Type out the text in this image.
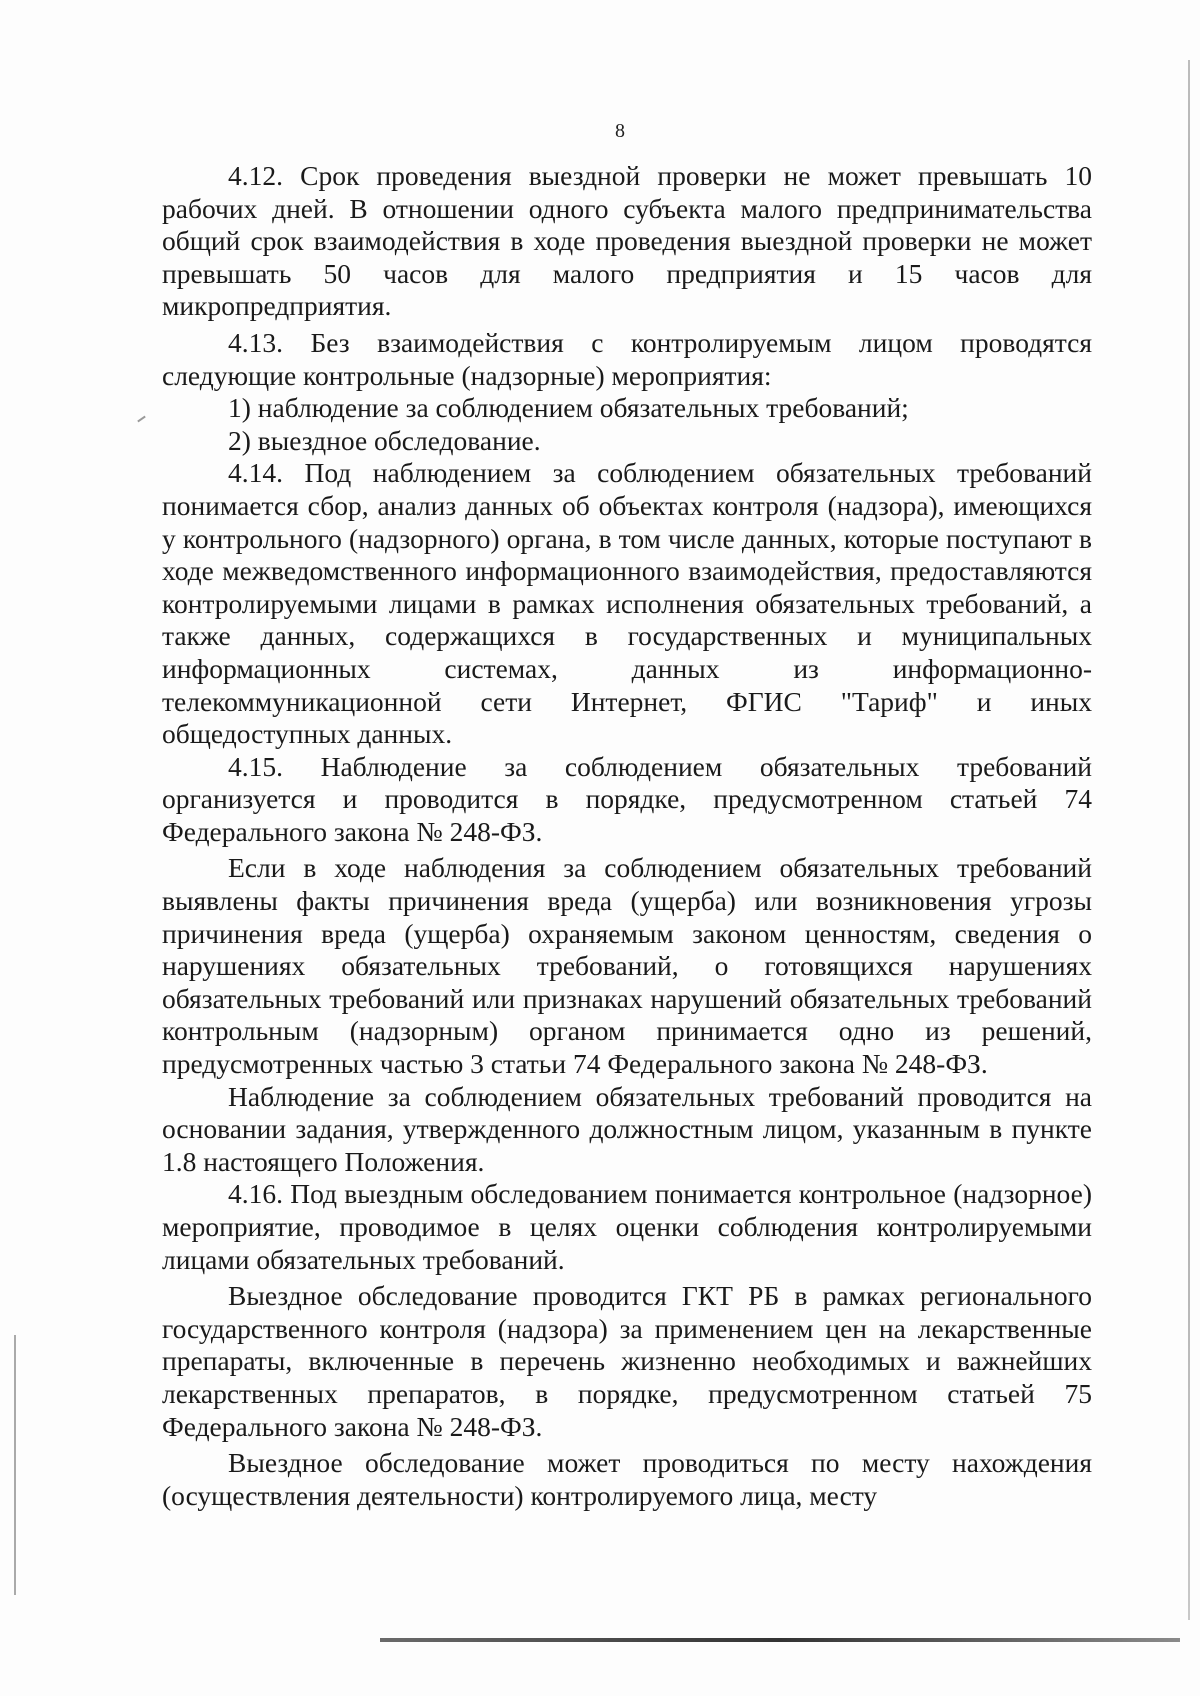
8

4.12. Срок проведения выездной проверки не может превышать 10 рабочих дней. В отношении одного субъекта малого предпринимательства общий срок взаимодействия в ходе проведения выездной проверки не может превышать 50 часов для малого предприятия и 15 часов для микропредприятия.

4.13. Без взаимодействия с контролируемым лицом проводятся следующие контрольные (надзорные) мероприятия:

1) наблюдение за соблюдением обязательных требований;

2) выездное обследование.

4.14. Под наблюдением за соблюдением обязательных требований понимается сбор, анализ данных об объектах контроля (надзора), имеющихся у контрольного (надзорного) органа, в том числе данных, которые поступают в ходе межведомственного информационного взаимодействия, предоставляются контролируемыми лицами в рамках исполнения обязательных требований, а также данных, содержащихся в государственных и муниципальных информационных системах, данных из информационно-телекоммуникационной сети Интернет, ФГИС "Тариф" и иных общедоступных данных.

4.15. Наблюдение за соблюдением обязательных требований организуется и проводится в порядке, предусмотренном статьей 74 Федерального закона № 248-ФЗ.

Если в ходе наблюдения за соблюдением обязательных требований выявлены факты причинения вреда (ущерба) или возникновения угрозы причинения вреда (ущерба) охраняемым законом ценностям, сведения о нарушениях обязательных требований, о готовящихся нарушениях обязательных требований или признаках нарушений обязательных требований контрольным (надзорным) органом принимается одно из решений, предусмотренных частью 3 статьи 74 Федерального закона № 248-ФЗ.

Наблюдение за соблюдением обязательных требований проводится на основании задания, утвержденного должностным лицом, указанным в пункте 1.8 настоящего Положения.

4.16. Под выездным обследованием понимается контрольное (надзорное) мероприятие, проводимое в целях оценки соблюдения контролируемыми лицами обязательных требований.

Выездное обследование проводится ГКТ РБ в рамках регионального государственного контроля (надзора) за применением цен на лекарственные препараты, включенные в перечень жизненно необходимых и важнейших лекарственных препаратов, в порядке, предусмотренном статьей 75 Федерального закона № 248-ФЗ.

Выездное обследование может проводиться по месту нахождения (осуществления деятельности) контролируемого лица, месту
